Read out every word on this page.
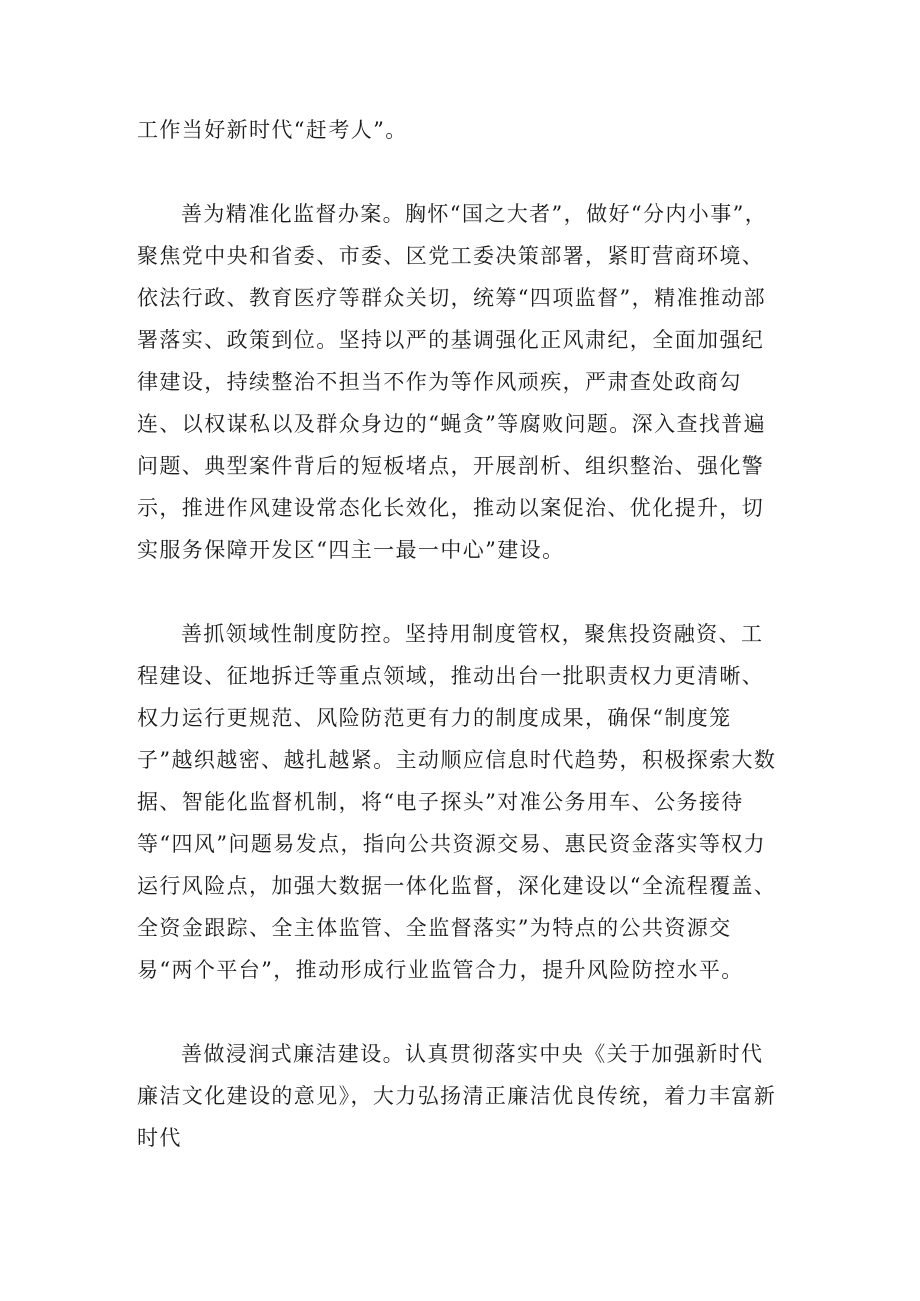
工作当好新时代“赶考人”。

善为精准化监督办案。胸怀“国之大者”，做好“分内小事”，聚焦党中央和省委、市委、区党工委决策部署，紧盯营商环境、依法行政、教育医疗等群众关切，统筹“四项监督”，精准推动部署落实、政策到位。坚持以严的基调强化正风肃纪，全面加强纪律建设，持续整治不担当不作为等作风顽疾，严肃查处政商勾连、以权谋私以及群众身边的“蝇贪”等腐败问题。深入查找普遍问题、典型案件背后的短板堵点，开展剖析、组织整治、强化警示，推进作风建设常态化长效化，推动以案促治、优化提升，切实服务保障开发区“四主一最一中心”建设。

善抓领域性制度防控。坚持用制度管权，聚焦投资融资、工程建设、征地拆迁等重点领域，推动出台一批职责权力更清晰、权力运行更规范、风险防范更有力的制度成果，确保“制度笼子”越织越密、越扎越紧。主动顺应信息时代趋势，积极探索大数据、智能化监督机制，将“电子探头”对准公务用车、公务接待等“四风”问题易发点，指向公共资源交易、惠民资金落实等权力运行风险点，加强大数据一体化监督，深化建设以“全流程覆盖、全资金跟踪、全主体监管、全监督落实”为特点的公共资源交易“两个平台”，推动形成行业监管合力，提升风险防控水平。

善做浸润式廉洁建设。认真贯彻落实中央《关于加强新时代廉洁文化建设的意见》，大力弘扬清正廉洁优良传统，着力丰富新时代
